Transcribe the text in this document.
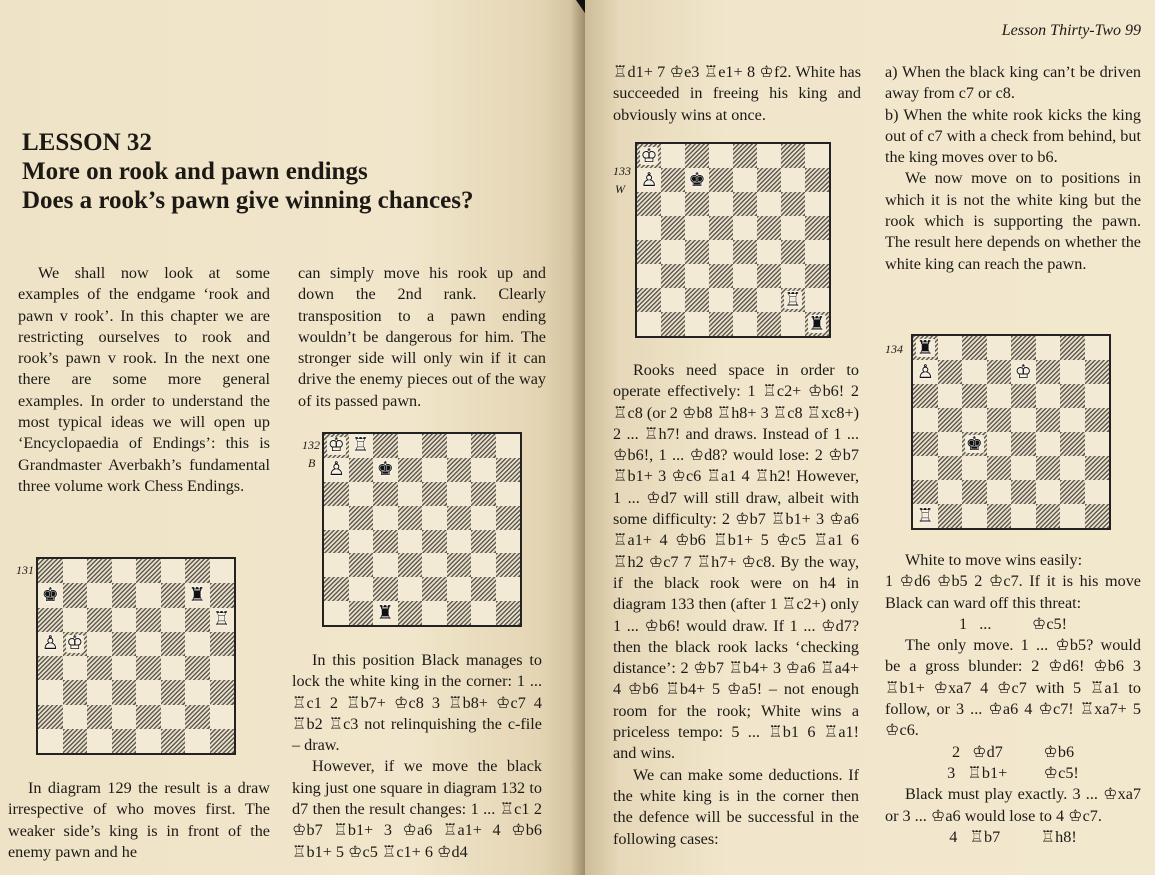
LESSON 32
More on rook and pawn endings
Does a rook’s pawn give winning chances?

We shall now look at some examples of the endgame ‘rook and pawn v rook’. In this chapter we are restricting ourselves to rook and rook’s pawn v rook. In the next one there are some more general examples. In order to understand the most typical ideas we will open up ‘Encyclopaedia of Endings’: this is Grandmaster Averbakh’s fundamental three volume work Chess Endings.

131
♚	♜
♖
♙ ♔

In diagram 129 the result is a draw irrespective of who moves first. The weaker side’s king is in front of the enemy pawn and he

can simply move his rook up and down the 2nd rank. Clearly transposition to a pawn ending wouldn’t be dangerous for him. The stronger side will only win if it can drive the enemy pieces out of the way of its passed pawn.

132
B
♔ ♖
♙ ♚
♜

In this position Black manages to lock the white king in the corner: 1 ... ♖c1 2 ♖b7+ ♔c8 3 ♖b8+ ♔c7 4 ♖b2 ♖c3 not relinquishing the c-file – draw.

However, if we move the black king just one square in diagram 132 to d7 then the result changes: 1 ... ♖c1 2 ♔b7 ♖b1+ 3 ♔a6 ♖a1+ 4 ♔b6 ♖b1+ 5 ♔c5 ♖c1+ 6 ♔d4

Lesson Thirty-Two 99

♖d1+ 7 ♔e3 ♖e1+ 8 ♔f2. White has succeeded in freeing his king and obviously wins at once.

133
W
♔
♙ ♚
♖
♜

Rooks need space in order to operate effectively: 1 ♖c2+ ♔b6! 2 ♖c8 (or 2 ♔b8 ♖h8+ 3 ♖c8 ♖xc8+) 2 ... ♖h7! and draws. Instead of 1 ... ♔b6!, 1 ... ♔d8? would lose: 2 ♔b7 ♖b1+ 3 ♔c6 ♖a1 4 ♖h2! However, 1 ... ♔d7 will still draw, albeit with some difficulty: 2 ♔b7 ♖b1+ 3 ♔a6 ♖a1+ 4 ♔b6 ♖b1+ 5 ♔c5 ♖a1 6 ♖h2 ♔c7 7 ♖h7+ ♔c8. By the way, if the black rook were on h4 in diagram 133 then (after 1 ♖c2+) only 1 ... ♔b6! would draw. If 1 ... ♔d7? then the black rook lacks ‘checking distance’: 2 ♔b7 ♖b4+ 3 ♔a6 ♖a4+ 4 ♔b6 ♖b4+ 5 ♔a5! – not enough room for the rook; White wins a priceless tempo: 5 ... ♖b1 6 ♖a1! and wins.

We can make some deductions. If the white king is in the corner then the defence will be successful in the following cases:

a) When the black king can’t be driven away from c7 or c8.

b) When the white rook kicks the king out of c7 with a check from behind, but the king moves over to b6.

We now move on to positions in which it is not the white king but the rook which is supporting the pawn. The result here depends on whether the white king can reach the pawn.

134 ♜
♙	♔
♚
♖

White to move wins easily:

1 ♔d6 ♔b5 2 ♔c7. If it is his move Black can ward off this threat:

1   ...          ♔c5!

The only move. 1 ... ♔b5? would be a gross blunder: 2 ♔d6! ♔b6 3 ♖b1+ ♔xa7 4 ♔c7 with 5 ♖a1 to follow, or 3 ... ♔a6 4 ♔c7! ♖xa7+ 5 ♔c6.

2   ♔d7          ♔b6

3   ♖b1+         ♔c5!

Black must play exactly. 3 ... ♔xa7 or 3 ... ♔a6 would lose to 4 ♔c7.

4   ♖b7          ♖h8!
